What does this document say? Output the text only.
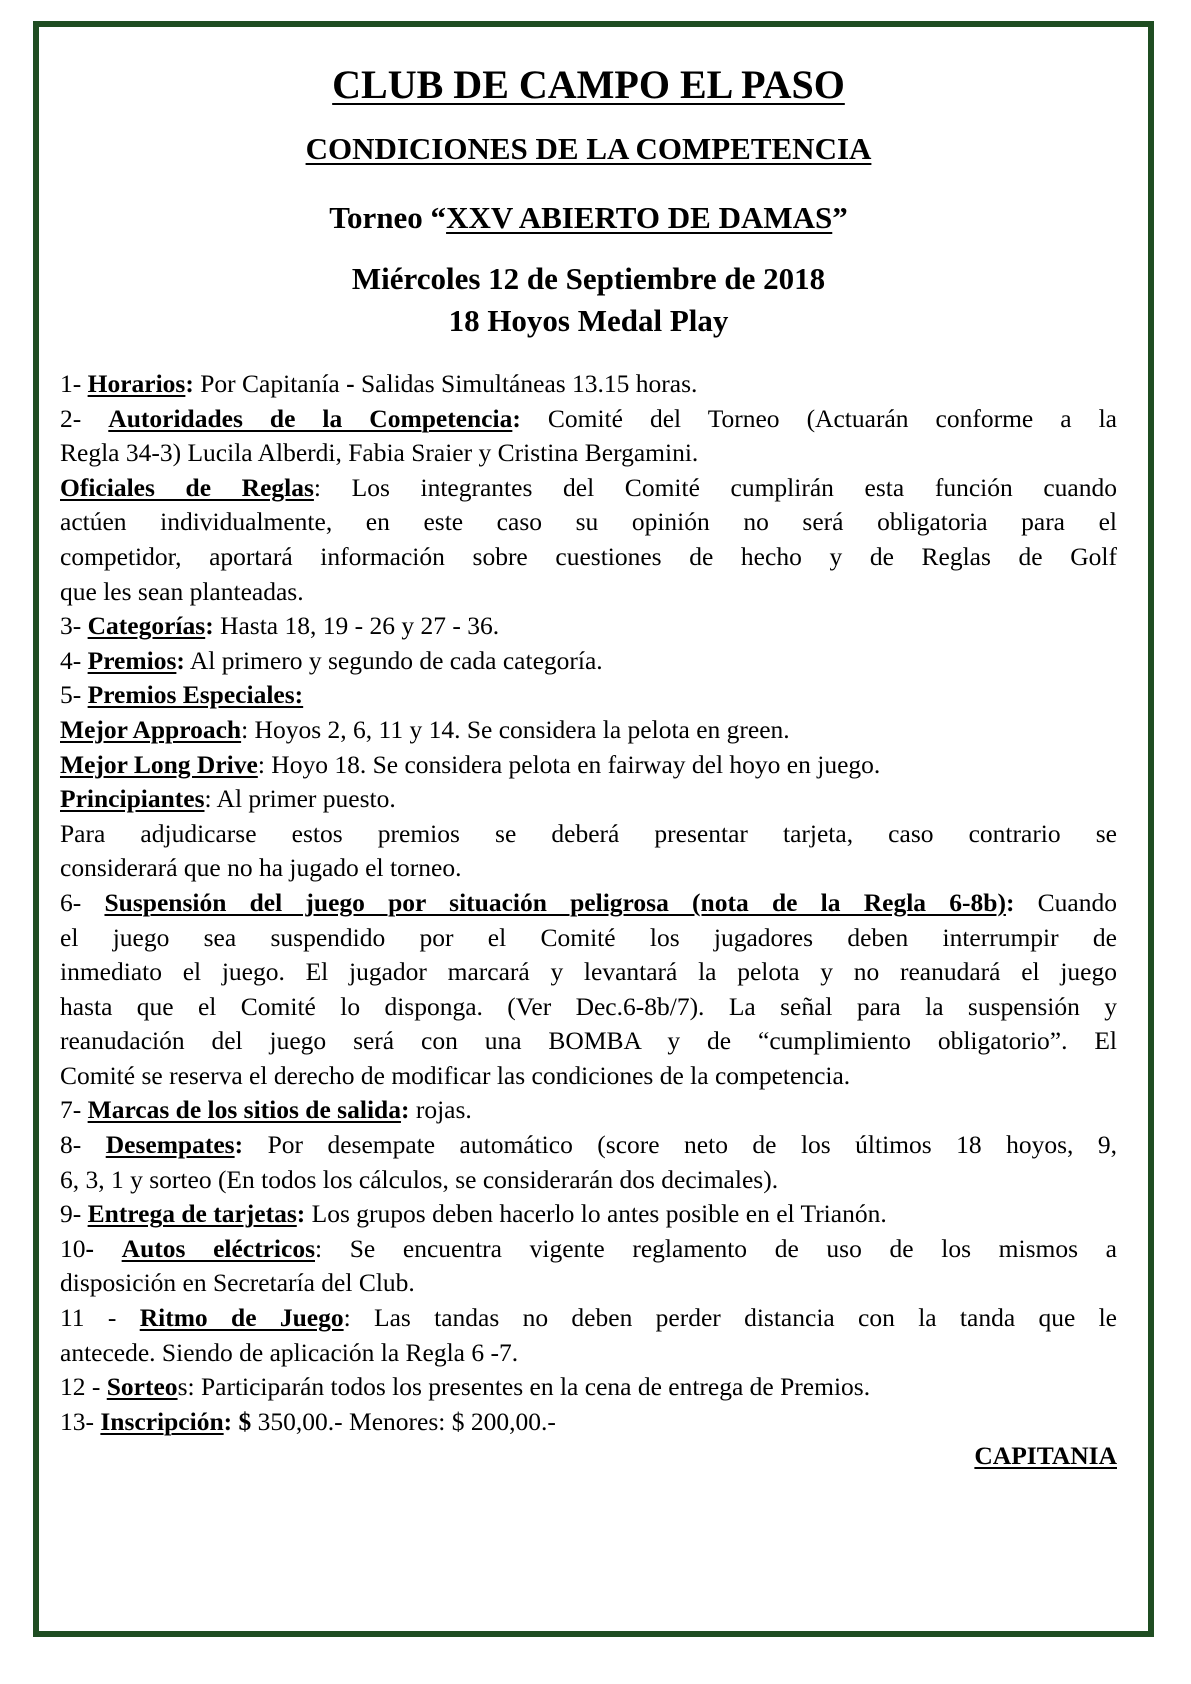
CLUB DE CAMPO EL PASO
CONDICIONES DE LA COMPETENCIA
Torneo “XXV ABIERTO DE DAMAS”
Miércoles 12 de Septiembre de 2018
18 Hoyos Medal Play
1- Horarios: Por Capitanía - Salidas Simultáneas 13.15 horas.
2- Autoridades de la Competencia: Comité del Torneo (Actuarán conforme a la
Regla 34-3) Lucila Alberdi, Fabia Sraier y Cristina Bergamini.
Oficiales de Reglas: Los integrantes del Comité cumplirán esta función cuando
actúen individualmente, en este caso su opinión no será obligatoria para el
competidor, aportará información sobre cuestiones de hecho y de Reglas de Golf
que les sean planteadas.
3- Categorías: Hasta 18, 19 - 26 y 27 - 36.
4- Premios: Al primero y segundo de cada categoría.
5- Premios Especiales:
Mejor Approach: Hoyos 2, 6, 11 y 14. Se considera la pelota en green.
Mejor Long Drive: Hoyo 18. Se considera pelota en fairway del hoyo en juego.
Principiantes: Al primer puesto.
Para adjudicarse estos premios se deberá presentar tarjeta, caso contrario se
considerará que no ha jugado el torneo.
6- Suspensión del juego por situación peligrosa (nota de la Regla 6-8b): Cuando
el juego sea suspendido por el Comité los jugadores deben interrumpir de
inmediato el juego. El jugador marcará y levantará la pelota y no reanudará el juego
hasta que el Comité lo disponga. (Ver Dec.6-8b/7). La señal para la suspensión y
reanudación del juego será con una BOMBA y de “cumplimiento obligatorio”. El
Comité se reserva el derecho de modificar las condiciones de la competencia.
7- Marcas de los sitios de salida: rojas.
8- Desempates: Por desempate automático (score neto de los últimos 18 hoyos, 9,
6, 3, 1 y sorteo (En todos los cálculos, se considerarán dos decimales).
9- Entrega de tarjetas: Los grupos deben hacerlo lo antes posible en el Trianón.
10- Autos eléctricos: Se encuentra vigente reglamento de uso de los mismos a
disposición en Secretaría del Club.
11 - Ritmo de Juego: Las tandas no deben perder distancia con la tanda que le
antecede. Siendo de aplicación la Regla 6 -7.
12 - Sorteos: Participarán todos los presentes en la cena de entrega de Premios.
13- Inscripción: $ 350,00.- Menores: $ 200,00.-
CAPITANIA
